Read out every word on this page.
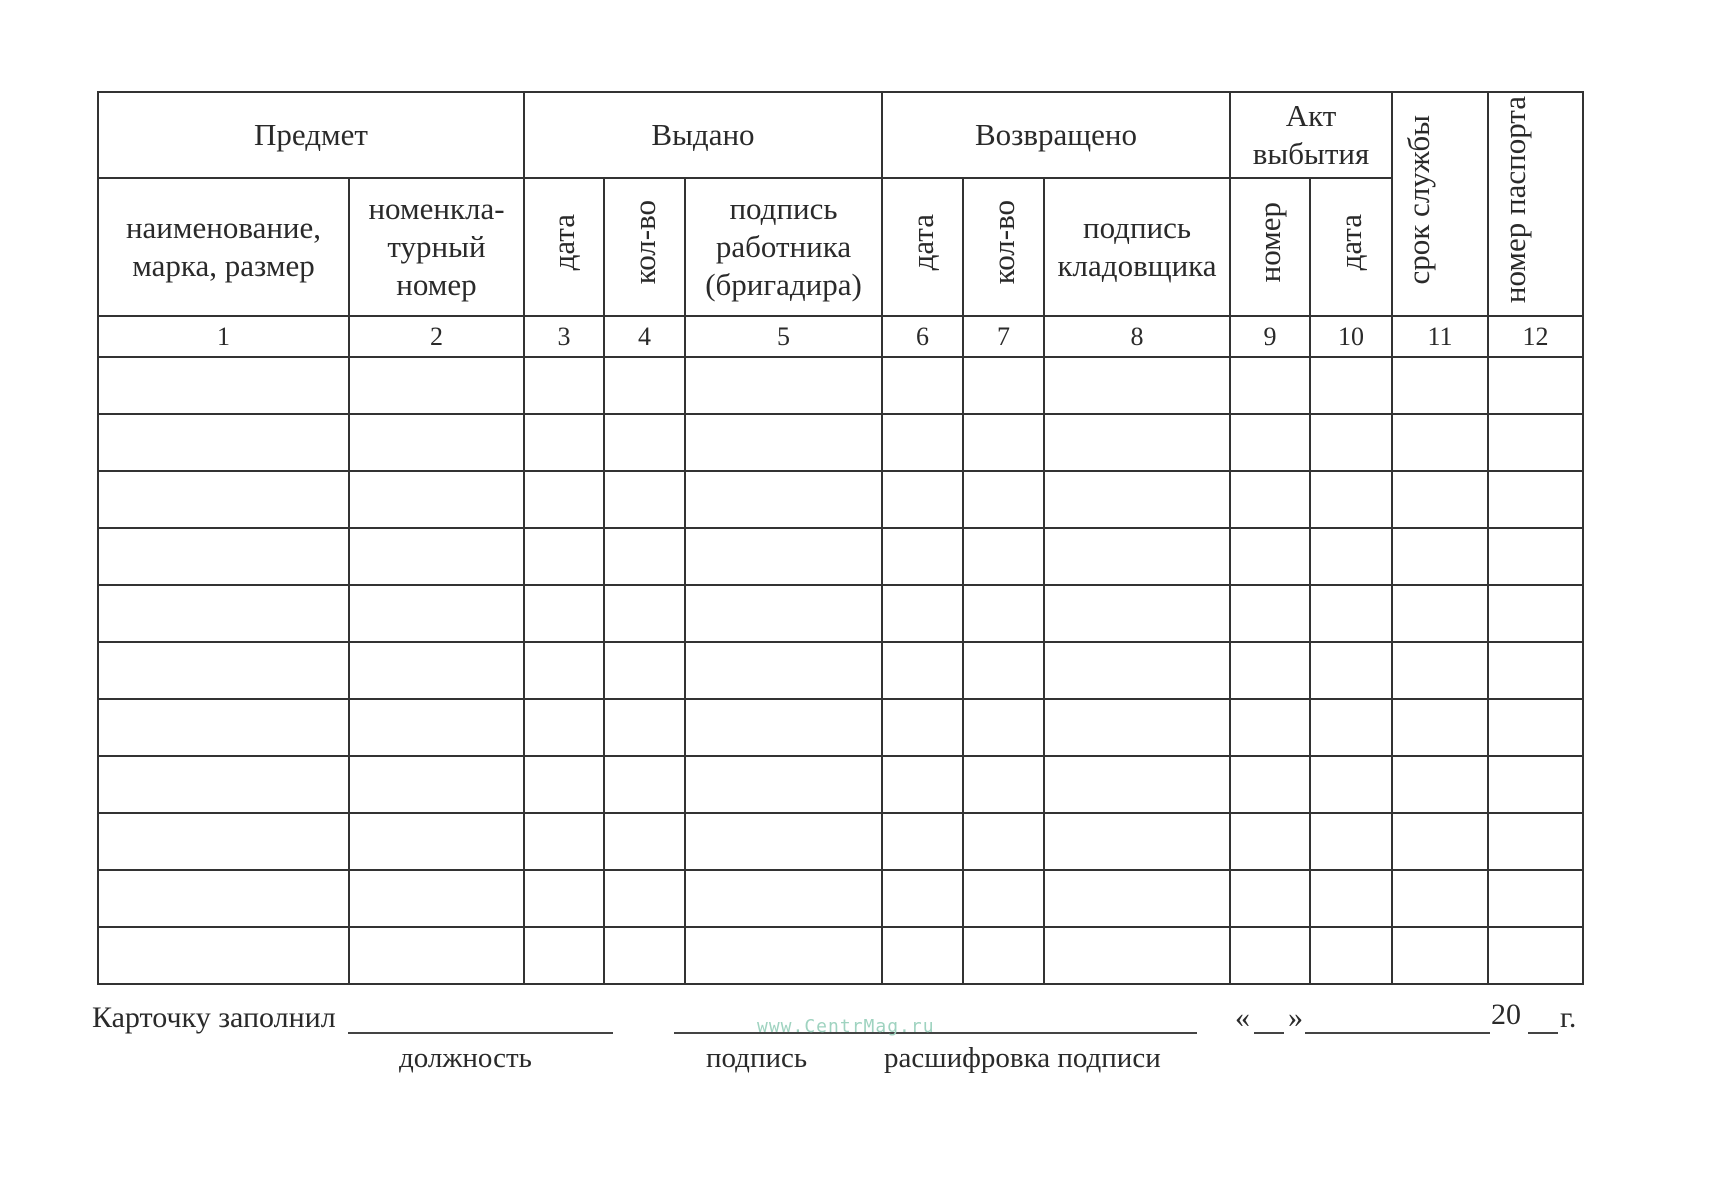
Предмет		Выдано			Возвращено			Акт выбытия		срок службы	номер паспорта
наименование, марка, размер	номенкла- турный номер	дата	кол-во	подпись работника (бригадира)	дата	кол-во	подпись кладовщика	номер	дата		
1	2	3	4	5	6	7	8	9	10	11	12

Карточку заполнил	« »	20 г.
должность	подпись	расшифровка подписи
www.CentrMag.ru
